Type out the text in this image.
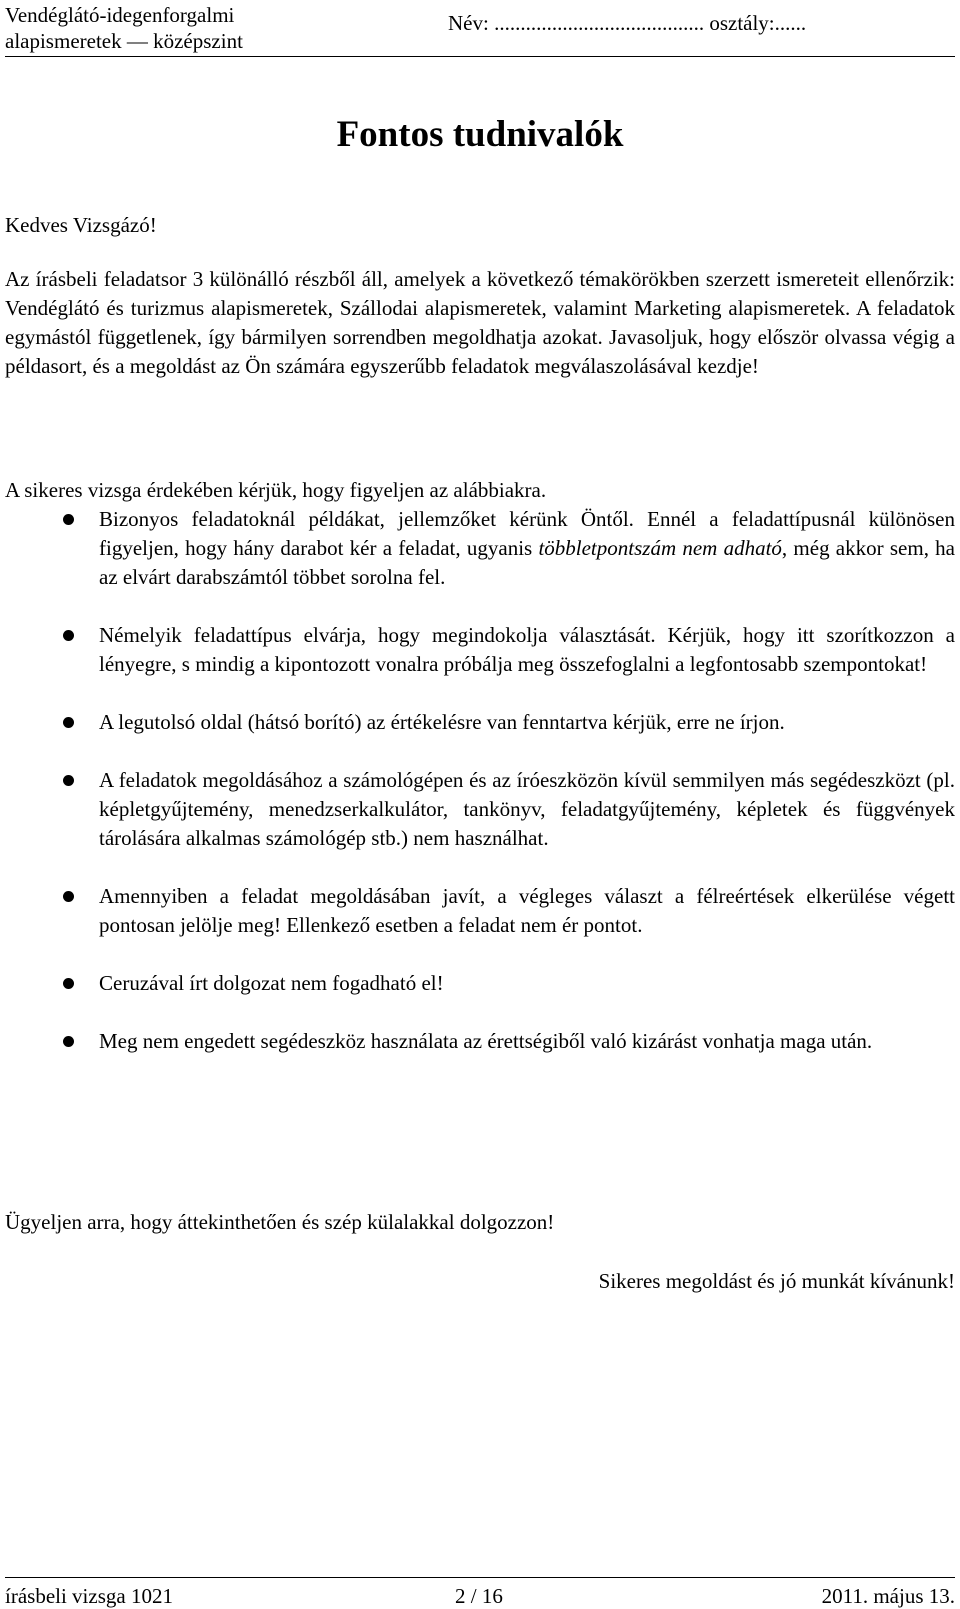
Vendéglátó-idegenforgalmi
alapismeretek — középszint
Név: ........................................ osztály:......
Fontos tudnivalók
Kedves Vizsgázó!

Az írásbeli feladatsor 3 különálló részből áll, amelyek a következő témakörökben szerzett ismereteit ellenőrzik: Vendéglátó és turizmus alapismeretek, Szállodai alapismeretek, valamint Marketing alapismeretek. A feladatok egymástól függetlenek, így bármilyen sorrendben megoldhatja azokat. Javasoljuk, hogy először olvassa végig a példasort, és a megoldást az Ön számára egyszerűbb feladatok megválaszolásával kezdje!

A sikeres vizsga érdekében kérjük, hogy figyeljen az alábbiakra.

Bizonyos feladatoknál példákat, jellemzőket kérünk Öntől. Ennél a feladattípusnál különösen figyeljen, hogy hány darabot kér a feladat, ugyanis többletpontszám nem adható, még akkor sem, ha az elvárt darabszámtól többet sorolna fel.
Némelyik feladattípus elvárja, hogy megindokolja választását. Kérjük, hogy itt szorítkozzon a lényegre, s mindig a kipontozott vonalra próbálja meg összefoglalni a legfontosabb szempontokat!
A legutolsó oldal (hátsó borító) az értékelésre van fenntartva kérjük, erre ne írjon.
A feladatok megoldásához a számológépen és az íróeszközön kívül semmilyen más segédeszközt (pl. képletgyűjtemény, menedzserkalkulátor, tankönyv, feladatgyűjtemény, képletek és függvények tárolására alkalmas számológép stb.) nem használhat.
Amennyiben a feladat megoldásában javít, a végleges választ a félreértések elkerülése végett pontosan jelölje meg! Ellenkező esetben a feladat nem ér pontot.
Ceruzával írt dolgozat nem fogadható el!
Meg nem engedett segédeszköz használata az érettségiből való kizárást vonhatja maga után.

Ügyeljen arra, hogy áttekinthetően és szép külalakkal dolgozzon!

Sikeres megoldást és jó munkát kívánunk!

írásbeli vizsga 1021	2 / 16	2011. május 13.
